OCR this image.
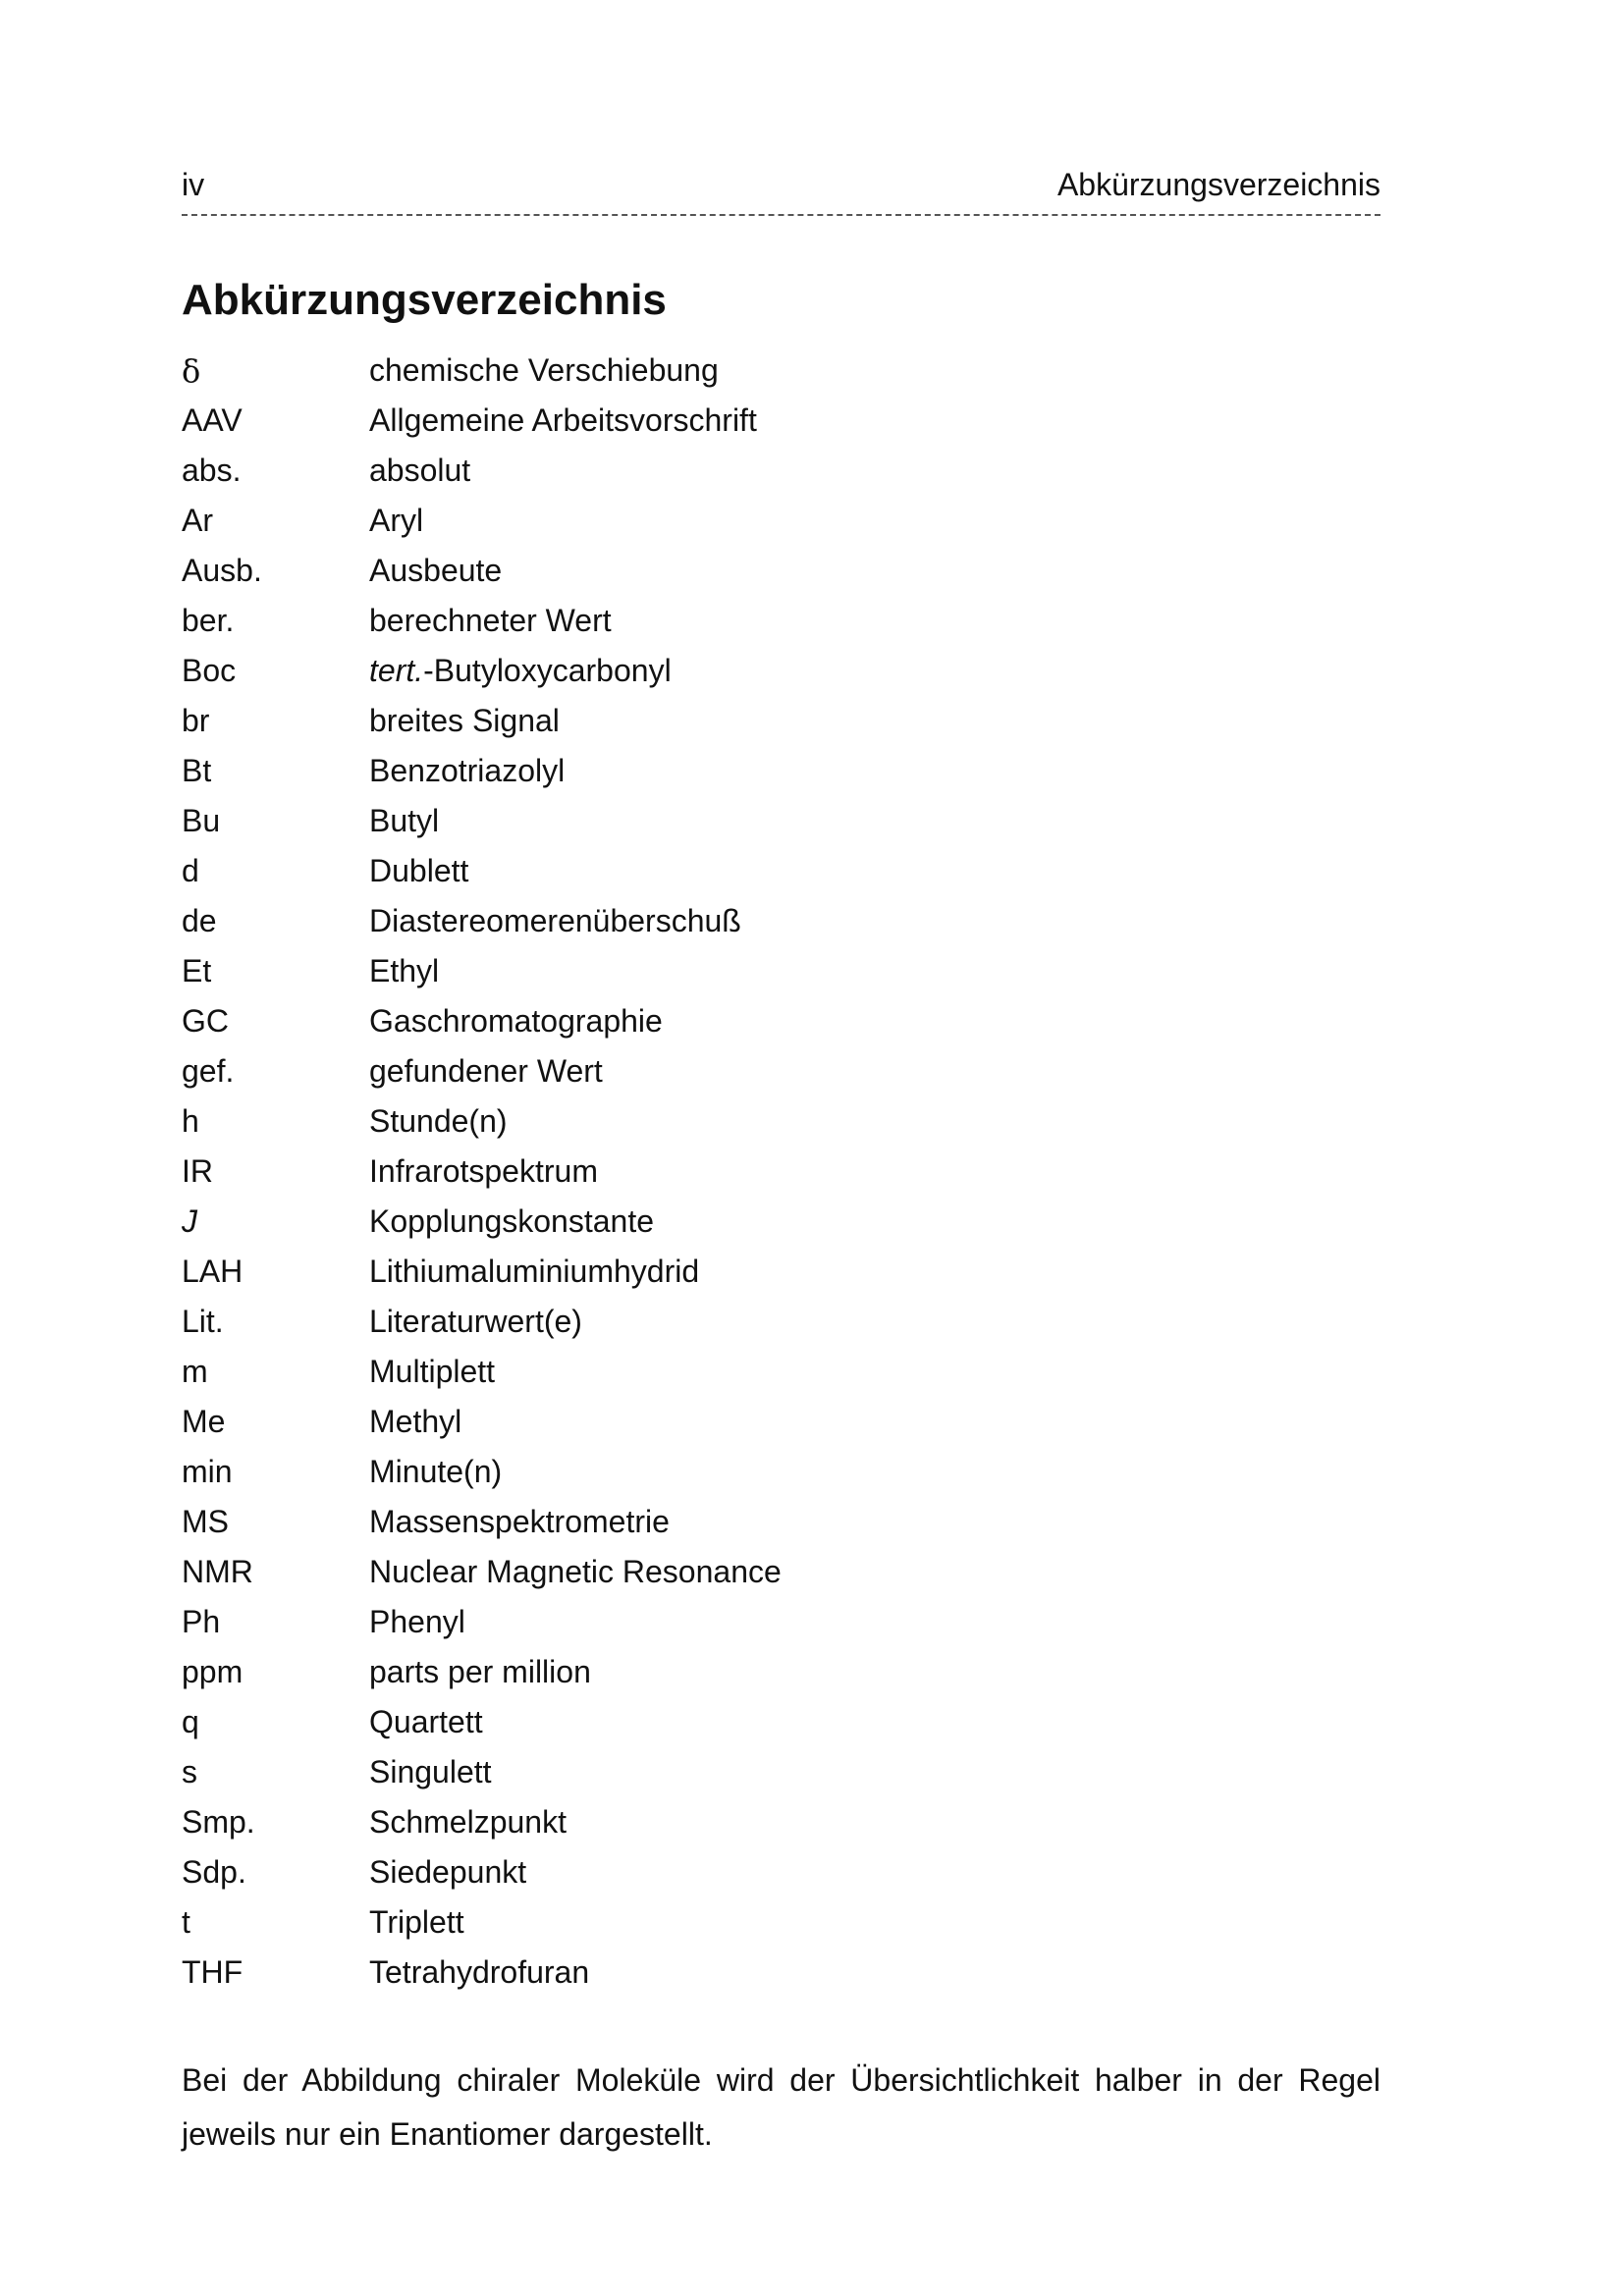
iv	Abkürzungsverzeichnis
Abkürzungsverzeichnis
δ	chemische Verschiebung
AAV	Allgemeine Arbeitsvorschrift
abs.	absolut
Ar	Aryl
Ausb.	Ausbeute
ber.	berechneter Wert
Boc	tert.-Butyloxycarbonyl
br	breites Signal
Bt	Benzotriazolyl
Bu	Butyl
d	Dublett
de	Diastereomerenüberschuß
Et	Ethyl
GC	Gaschromatographie
gef.	gefundener Wert
h	Stunde(n)
IR	Infrarotspektrum
J	Kopplungskonstante
LAH	Lithiumaluminiumhydrid
Lit.	Literaturwert(e)
m	Multiplett
Me	Methyl
min	Minute(n)
MS	Massenspektrometrie
NMR	Nuclear Magnetic Resonance
Ph	Phenyl
ppm	parts per million
q	Quartett
s	Singulett
Smp.	Schmelzpunkt
Sdp.	Siedepunkt
t	Triplett
THF	Tetrahydrofuran

Bei der Abbildung chiraler Moleküle wird der Übersichtlichkeit halber in der Regel jeweils nur ein Enantiomer dargestellt.
